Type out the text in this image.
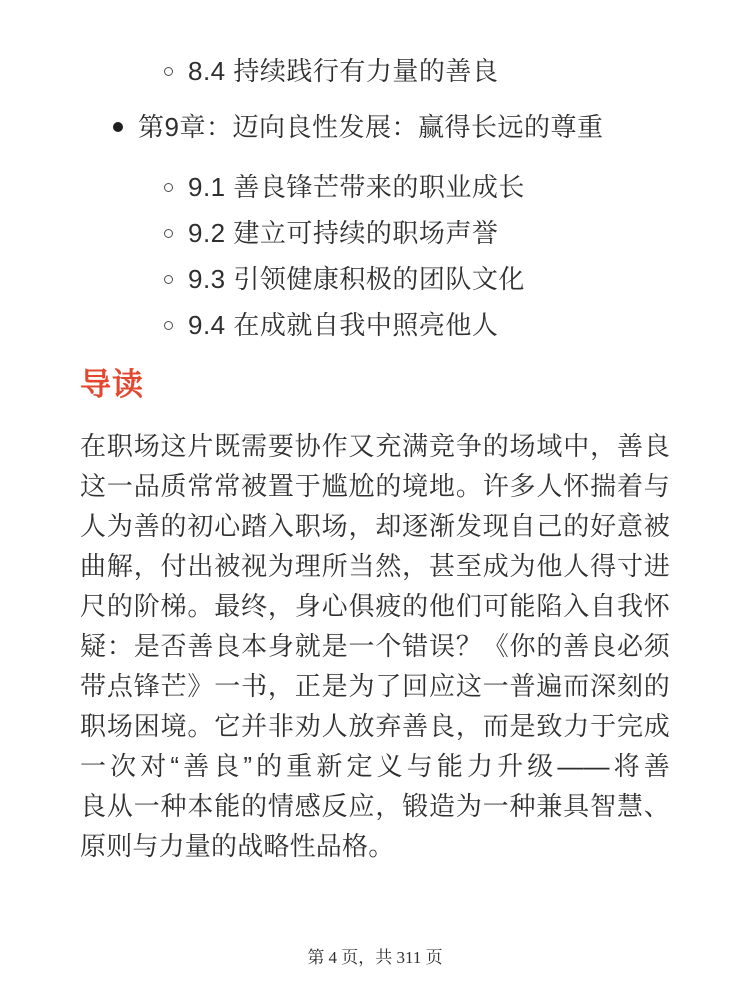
8.4 持续践行有力量的善良
第9章：迈向良性发展：赢得长远的尊重
9.1 善良锋芒带来的职业成长
9.2 建立可持续的职场声誉
9.3 引领健康积极的团队文化
9.4 在成就自我中照亮他人
导读
在职场这片既需要协作又充满竞争的场域中，善良
这一品质常常被置于尴尬的境地。许多人怀揣着与
人为善的初心踏入职场，却逐渐发现自己的好意被
曲解，付出被视为理所当然，甚至成为他人得寸进
尺的阶梯。最终，身心俱疲的他们可能陷入自我怀
疑：是否善良本身就是一个错误？《你的善良必须
带点锋芒》一书，正是为了回应这一普遍而深刻的
职场困境。它并非劝人放弃善良，而是致力于完成
一次对“善良”的重新定义与能力升级——将善
良从一种本能的情感反应，锻造为一种兼具智慧、
原则与力量的战略性品格。
第 4 页，共 311 页
